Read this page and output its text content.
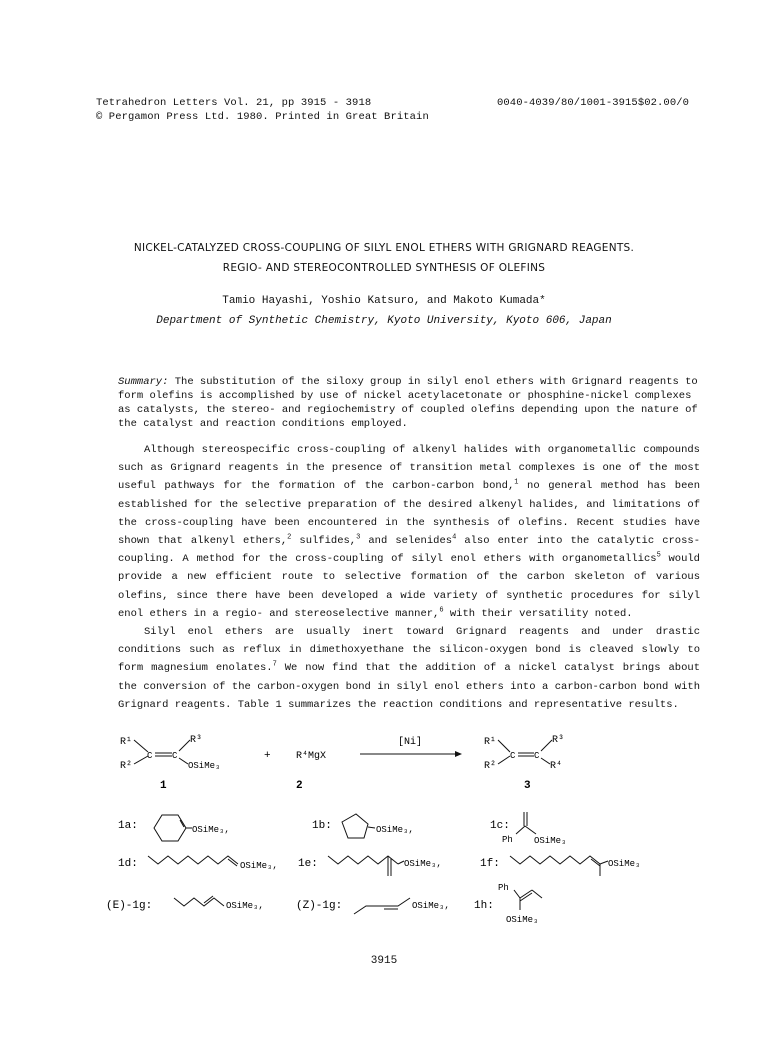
Tetrahedron Letters Vol. 21, pp 3915 - 3918
© Pergamon Press Ltd. 1980. Printed in Great Britain
0040-4039/80/1001-3915$02.00/0
NICKEL-CATALYZED CROSS-COUPLING OF SILYL ENOL ETHERS WITH GRIGNARD REAGENTS.
REGIO- AND STEREOCONTROLLED SYNTHESIS OF OLEFINS
Tamio Hayashi, Yoshio Katsuro, and Makoto Kumada*
Department of Synthetic Chemistry, Kyoto University, Kyoto 606, Japan
Summary: The substitution of the siloxy group in silyl enol ethers with Grignard reagents to form olefins is accomplished by use of nickel acetylacetonate or phosphine-nickel complexes as catalysts, the stereo- and regiochemistry of coupled olefins depending upon the nature of the catalyst and reaction conditions employed.

Although stereospecific cross-coupling of alkenyl halides with organometallic compounds such as Grignard reagents in the presence of transition metal complexes is one of the most useful pathways for the formation of the carbon-carbon bond,$^1$ no general method has been established for the selective preparation of the desired alkenyl halides, and limitations of the cross-coupling have been encountered in the synthesis of olefins. Recent studies have shown that alkenyl ethers,$^2$ sulfides,$^3$ and selenides$^4$ also enter into the catalytic cross-coupling. A method for the cross-coupling of silyl enol ethers with organometallics$^5$ would provide a new efficient route to selective formation of the carbon skeleton of various olefins, since there have been developed a wide variety of synthetic procedures for silyl enol ethers in a regio- and stereoselective manner,$^6$ with their versatility noted.

Silyl enol ethers are usually inert toward Grignard reagents and under drastic conditions such as reflux in dimethoxyethane the silicon-oxygen bond is cleaved slowly to form magnesium enolates.$^7$ We now find that the addition of a nickel catalyst brings about the conversion of the carbon-oxygen bond in silyl enol ethers into a carbon-carbon bond with Grignard reagents. Table 1 summarizes the reaction conditions and representative results.

R¹
R²
C C
R³
OSiMe₃
1
+	R⁴MgX
2
[Ni]	R¹
R²
C C
R³
R⁴
3
1a:	OSiMe₃,	1b:	OSiMe₃,	1c:
Ph OSiMe₃
1d:	OSiMe₃, 1e:	OSiMe₃,	1f:	OSiMe₃
(E)-1g:	OSiMe₃,	(Z)-1g:	OSiMe₃, 1h:
Ph
OSiMe₃
3915
